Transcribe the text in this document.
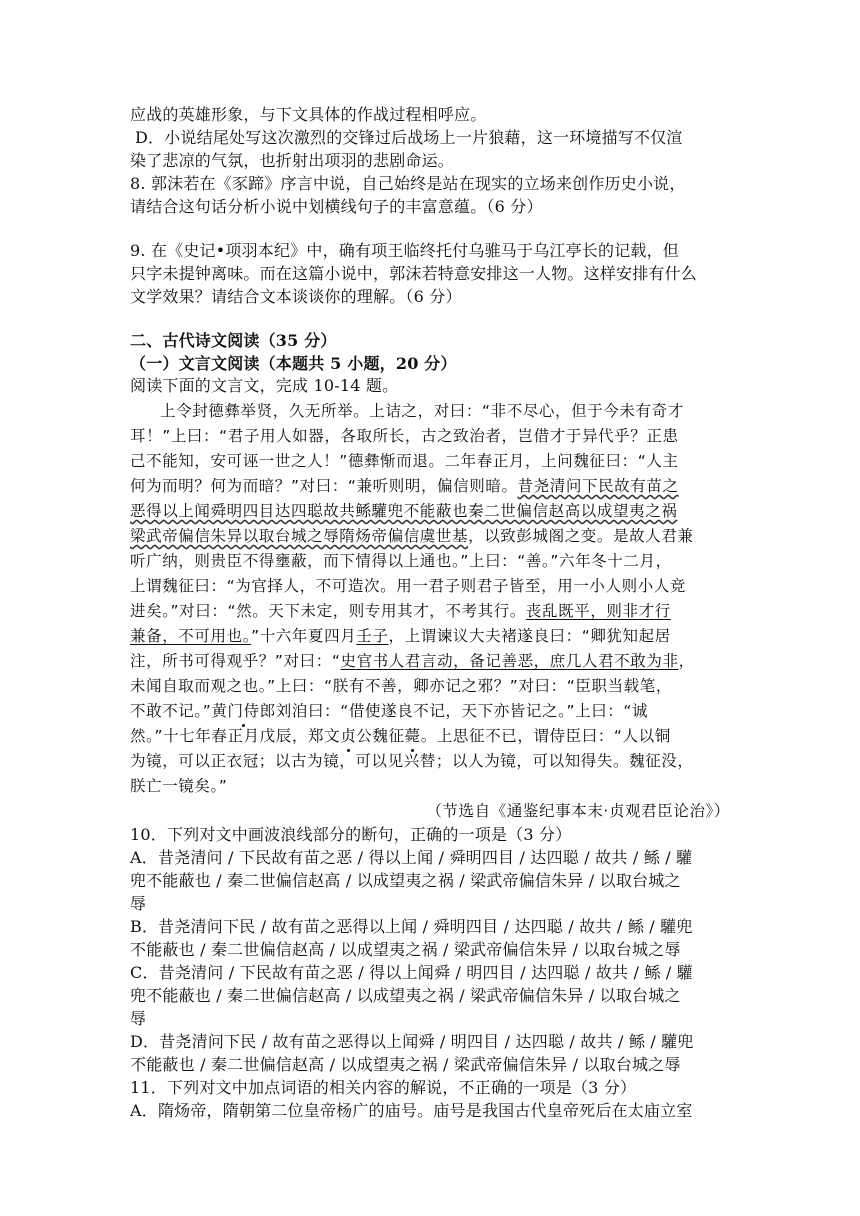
应战的英雄形象，与下文具体的作战过程相呼应。
D．小说结尾处写这次激烈的交锋过后战场上一片狼藉，这一环境描写不仅渲
染了悲凉的气氛，也折射出项羽的悲剧命运。
8. 郭沫若在《豕蹄》序言中说，自己始终是站在现实的立场来创作历史小说，
请结合这句话分析小说中划横线句子的丰富意蕴。（6 分）
9. 在《史记•项羽本纪》中，确有项王临终托付乌骓马于乌江亭长的记载，但
只字未提钟离味。而在这篇小说中，郭沫若特意安排这一人物。这样安排有什么
文学效果？请结合文本谈谈你的理解。（6 分）
二、古代诗文阅读（35 分）
（一）文言文阅读（本题共 5 小题，20 分）
阅读下面的文言文，完成 10-14 题。
上令封德彝举贤，久无所举。上诘之，对曰：“非不尽心，但于今未有奇才
耳！”上曰：“君子用人如器，各取所长，古之致治者，岂借才于异代乎？正患
己不能知，安可诬一世之人！”德彝惭而退。二年春正月，上问魏征曰：“人主
何为而明？何为而暗？”对曰：“兼听则明，偏信则暗。昔尧清问下民故有苗之
恶得以上闻舜明四目达四聪故共鲧驩兜不能蔽也秦二世偏信赵高以成望夷之祸
梁武帝偏信朱异以取台城之辱隋炀帝偏信虞世基，以致彭城阁之变。是故人君兼
听广纳，则贵臣不得壅蔽，而下情得以上通也。”上曰：“善。”六年冬十二月，
上谓魏征曰：“为官择人，不可造次。用一君子则君子皆至，用一小人则小人竞
进矣。”对曰：“然。天下未定，则专用其才，不考其行。丧乱既平，则非才行
兼备，不可用也。”十六年夏四月壬子，上谓谏议大夫褚遂良曰：“卿犹知起居
注，所书可得观乎？”对曰：“史官书人君言动，备记善恶，庶几人君不敢为非，
未闻自取而观之也。”上曰：“朕有不善，卿亦记之邪？”对曰：“臣职当载笔，
不敢不记。”黄门侍郎刘洎曰：“借使遂良不记，天下亦皆记之。”上曰：“诚
然。”十七年春正月戊辰，郑文贞公魏征薨。上思征不已，谓侍臣曰：“人以铜
为镜，可以正衣冠；以古为镜，可以见兴替；以人为镜，可以知得失。魏征没，
朕亡一镜矣。”
（节选自《通鉴纪事本末·贞观君臣论治》）
10．下列对文中画波浪线部分的断句，正确的一项是（3 分）
A．昔尧清问 / 下民故有苗之恶 / 得以上闻 / 舜明四目 / 达四聪 / 故共 / 鲧 / 驩
兜不能蔽也 / 秦二世偏信赵高 / 以成望夷之祸 / 梁武帝偏信朱异 / 以取台城之
辱
B．昔尧清问下民 / 故有苗之恶得以上闻 / 舜明四目 / 达四聪 / 故共 / 鲧 / 驩兜
不能蔽也 / 秦二世偏信赵高 / 以成望夷之祸 / 梁武帝偏信朱异 / 以取台城之辱
C．昔尧清问 / 下民故有苗之恶 / 得以上闻舜 / 明四目 / 达四聪 / 故共 / 鲧 / 驩
兜不能蔽也 / 秦二世偏信赵高 / 以成望夷之祸 / 梁武帝偏信朱异 / 以取台城之
辱
D．昔尧清问下民 / 故有苗之恶得以上闻舜 / 明四目 / 达四聪 / 故共 / 鲧 / 驩兜
不能蔽也 / 秦二世偏信赵高 / 以成望夷之祸 / 梁武帝偏信朱异 / 以取台城之辱
11．下列对文中加点词语的相关内容的解说，不正确的一项是（3 分）
A．隋炀帝，隋朝第二位皇帝杨广的庙号。庙号是我国古代皇帝死后在太庙立室
